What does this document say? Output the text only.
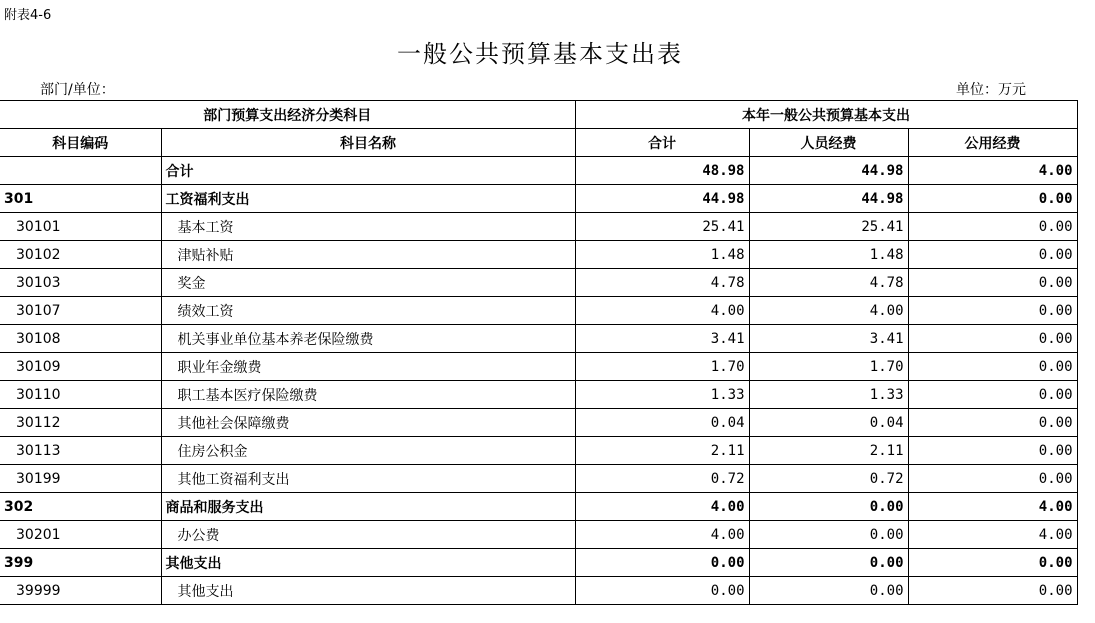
附表4-6
一般公共预算基本支出表
部门/单位：	单位：万元
部门预算支出经济分类科目		本年一般公共预算基本支出		
科目编码	科目名称	合计	人员经费	公用经费
	合计	48.98	44.98	4.00
301	工资福利支出	44.98	44.98	0.00
30101	基本工资	25.41	25.41	0.00
30102	津贴补贴	1.48	1.48	0.00
30103	奖金	4.78	4.78	0.00
30107	绩效工资	4.00	4.00	0.00
30108	机关事业单位基本养老保险缴费	3.41	3.41	0.00
30109	职业年金缴费	1.70	1.70	0.00
30110	职工基本医疗保险缴费	1.33	1.33	0.00
30112	其他社会保障缴费	0.04	0.04	0.00
30113	住房公积金	2.11	2.11	0.00
30199	其他工资福利支出	0.72	0.72	0.00
302	商品和服务支出	4.00	0.00	4.00
30201	办公费	4.00	0.00	4.00
399	其他支出	0.00	0.00	0.00
39999	其他支出	0.00	0.00	0.00
